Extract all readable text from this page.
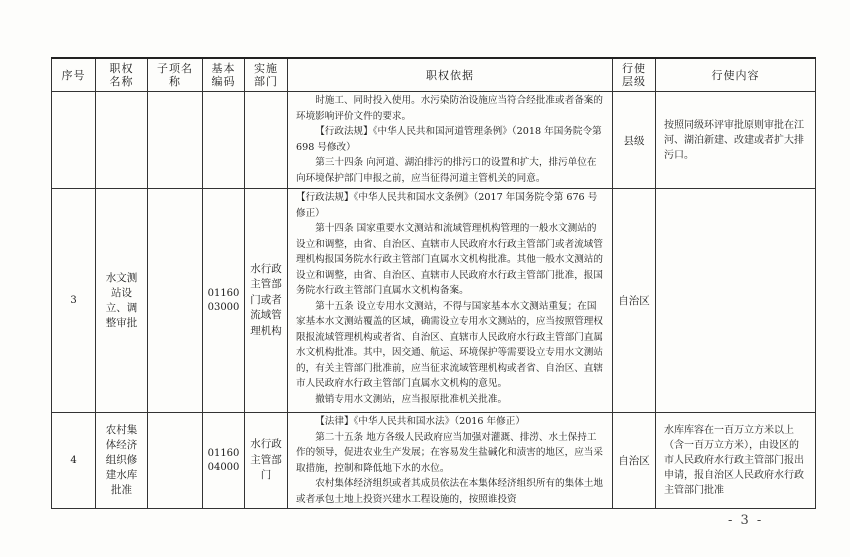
序号	职权名称	子项名称	基本编码	实施部门	职权依据	行使层级	行使内容

					时施工、同时投入使用。水污染防治设施应当符合经批准或者备案的环境影响评价文件的要求。

【行政法规】《中华人民共和国河道管理条例》（2018 年国务院令第 698 号修改）

第三十四条 向河道、湖泊排污的排污口的设置和扩大，排污单位在向环境保护部门申报之前，应当征得河道主管机关的同意。	县级	按照同级环评审批原则审批在江河、湖泊新建、改建或者扩大排污口。
3	水文测站设立、调整审批		01160 03000	水行政主管部门或者流域管理机构	【行政法规】《中华人民共和国水文条例》（2017 年国务院令第 676 号修正）

第十四条 国家重要水文测站和流域管理机构管理的一般水文测站的设立和调整，由省、自治区、直辖市人民政府水行政主管部门或者流域管理机构报国务院水行政主管部门直属水文机构批准。其他一般水文测站的设立和调整，由省、自治区、直辖市人民政府水行政主管部门批准，报国务院水行政主管部门直属水文机构备案。

第十五条 设立专用水文测站，不得与国家基本水文测站重复；在国家基本水文测站覆盖的区域，确需设立专用水文测站的，应当按照管理权限报流域管理机构或者省、自治区、直辖市人民政府水行政主管部门直属水文机构批准。其中，因交通、航运、环境保护等需要设立专用水文测站的，有关主管部门批准前，应当征求流域管理机构或者省、自治区、直辖市人民政府水行政主管部门直属水文机构的意见。

撤销专用水文测站，应当报原批准机关批准。	自治区	
4	农村集体经济组织修建水库批准		01160 04000	水行政主管部门	【法律】《中华人民共和国水法》（2016 年修正）

第二十五条 地方各级人民政府应当加强对灌溉、排涝、水土保持工作的领导，促进农业生产发展；在容易发生盐碱化和渍害的地区，应当采取措施，控制和降低地下水的水位。

农村集体经济组织或者其成员依法在本集体经济组织所有的集体土地或者承包土地上投资兴建水工程设施的，按照谁投资	自治区	水库库容在一百万立方米以上（含一百万立方米），由设区的市人民政府水行政主管部门报出申请，报自治区人民政府水行政主管部门批准
- 3 -
